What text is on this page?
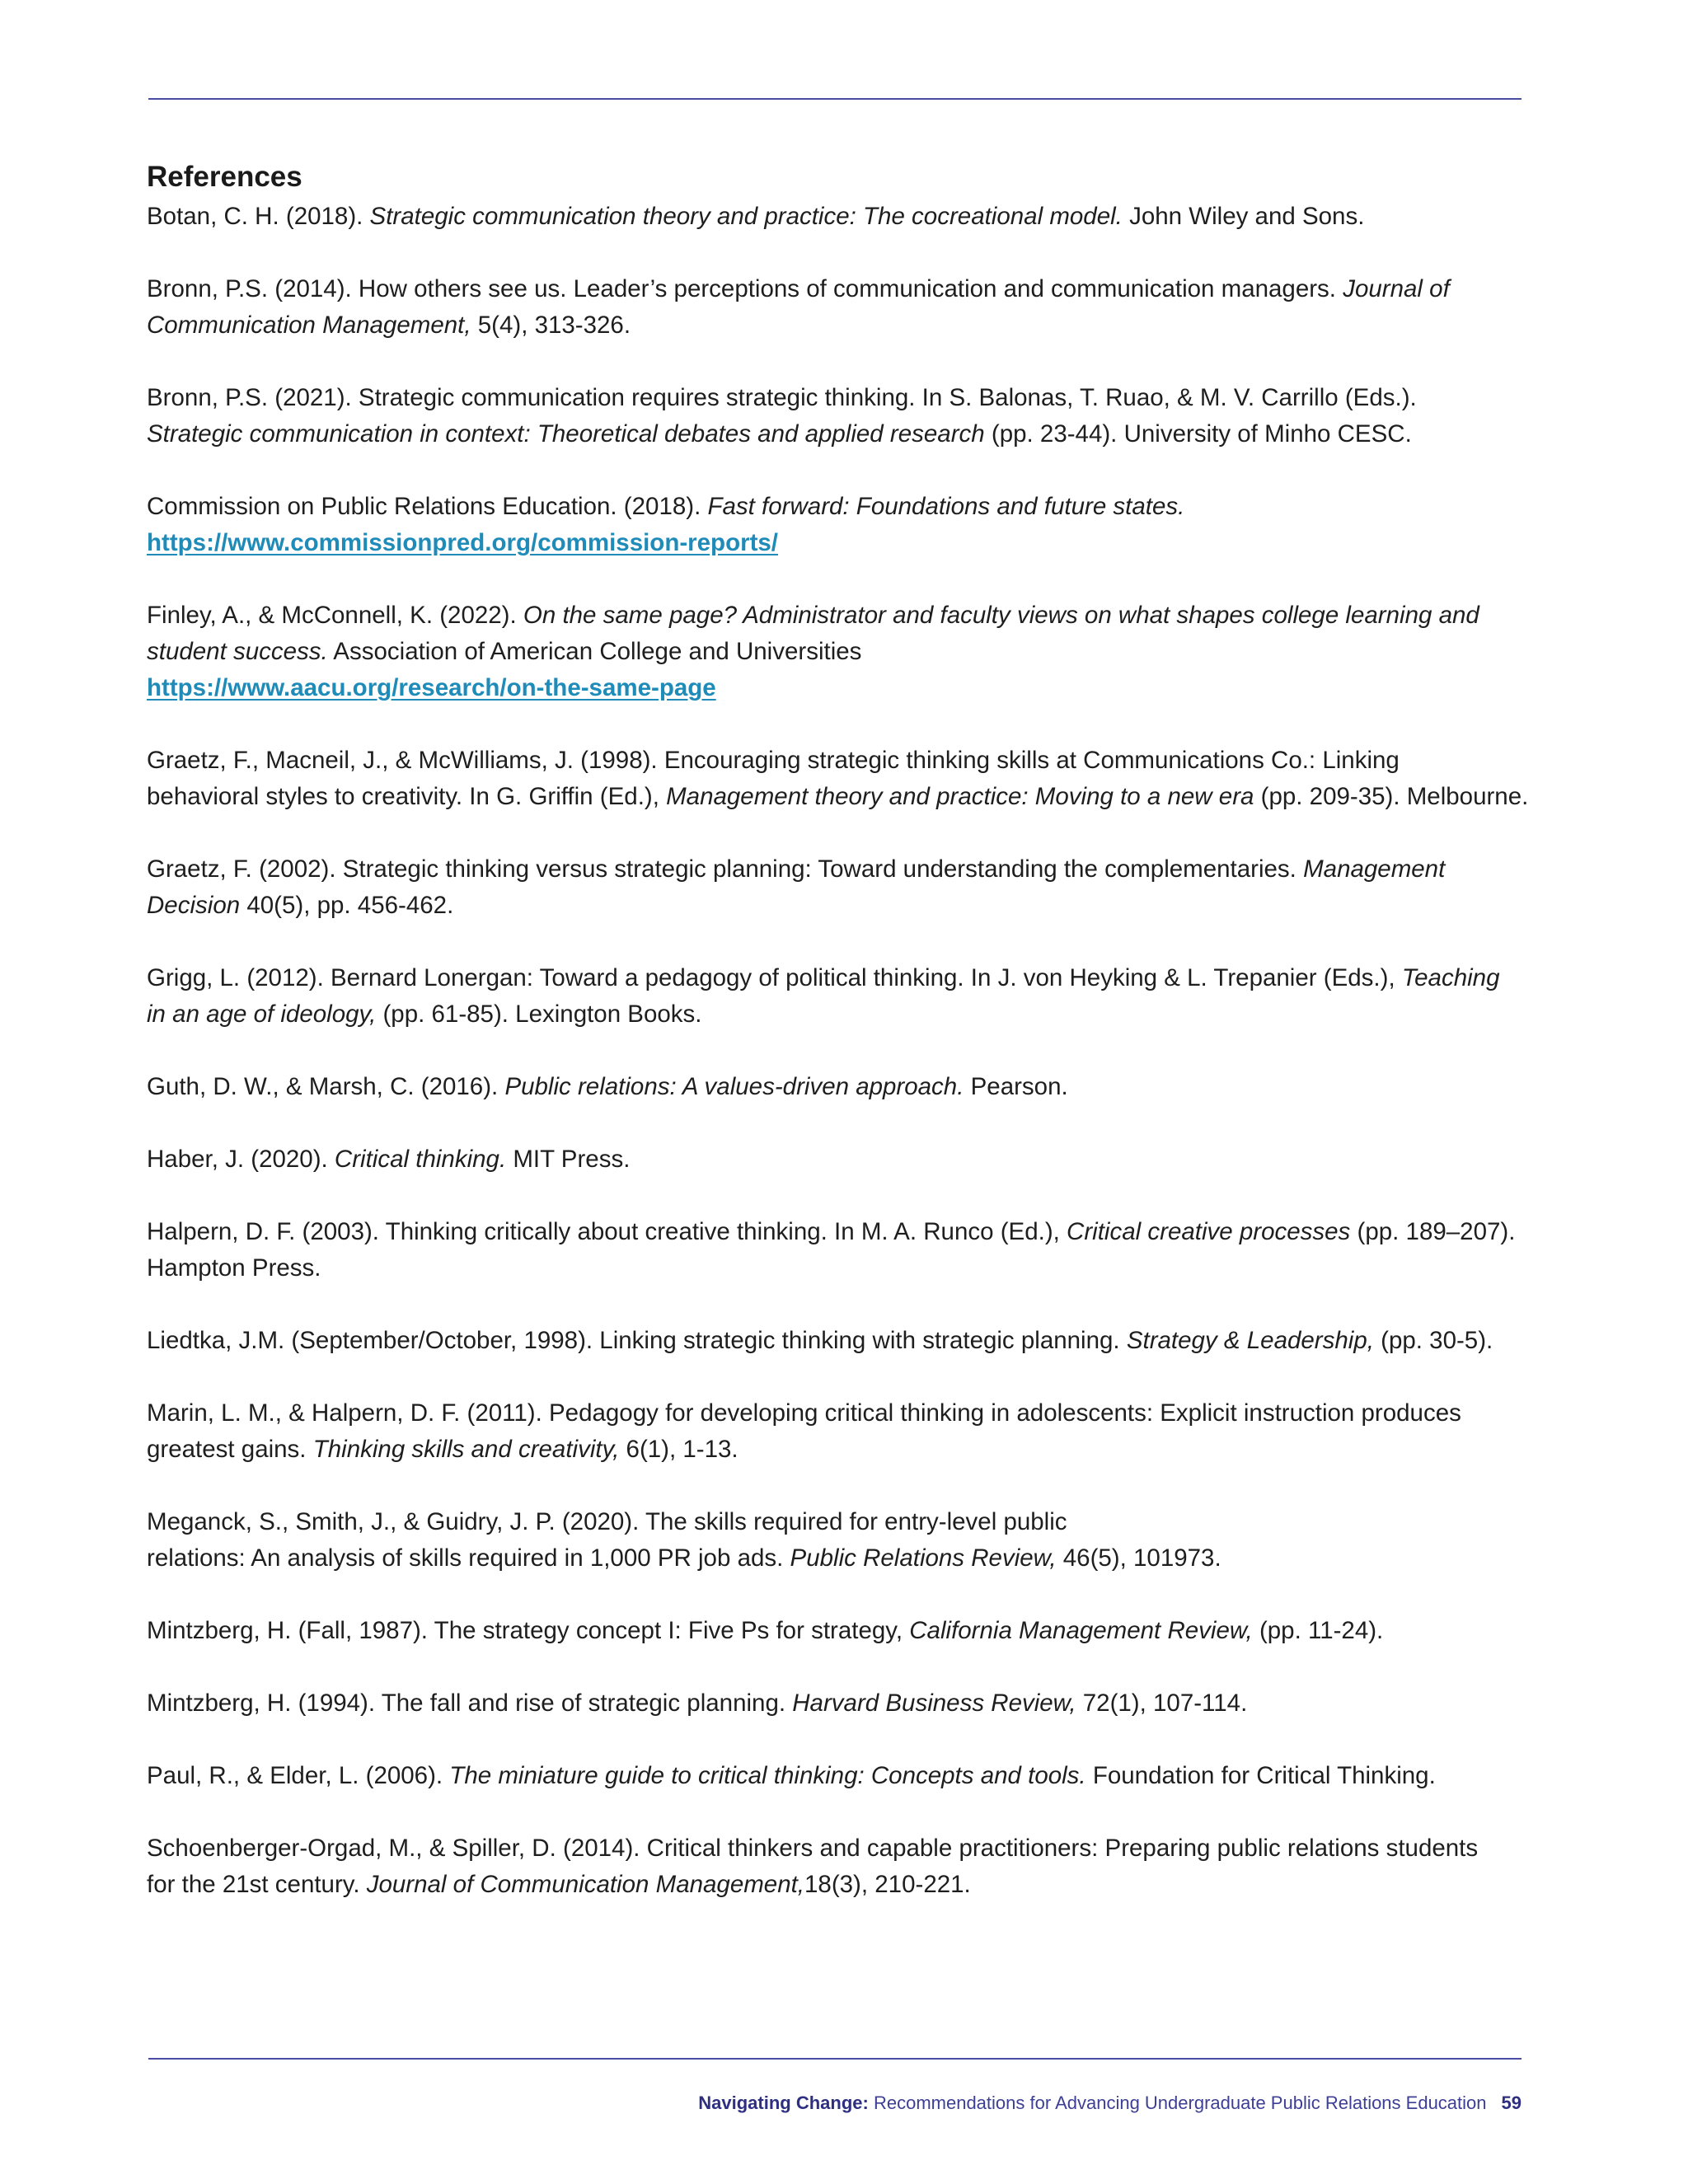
References
Botan, C. H. (2018). Strategic communication theory and practice: The cocreational model. John Wiley and Sons.
Bronn, P.S. (2014). How others see us. Leader’s perceptions of communication and communication managers. Journal of
Communication Management, 5(4), 313-326.
Bronn, P.S. (2021). Strategic communication requires strategic thinking. In S. Balonas, T. Ruao, & M. V. Carrillo (Eds.).
Strategic communication in context: Theoretical debates and applied research (pp. 23-44). University of Minho CESC.
Commission on Public Relations Education. (2018). Fast forward: Foundations and future states.
https://www.commissionpred.org/commission-reports/
Finley, A., & McConnell, K. (2022). On the same page? Administrator and faculty views on what shapes college learning and
student success. Association of American College and Universities
https://www.aacu.org/research/on-the-same-page
Graetz, F., Macneil, J., & McWilliams, J. (1998). Encouraging strategic thinking skills at Communications Co.: Linking
behavioral styles to creativity. In G. Griffin (Ed.), Management theory and practice: Moving to a new era (pp. 209-35). Melbourne.
Graetz, F. (2002). Strategic thinking versus strategic planning: Toward understanding the complementaries. Management
Decision 40(5), pp. 456-462.
Grigg, L. (2012). Bernard Lonergan: Toward a pedagogy of political thinking. In J. von Heyking & L. Trepanier (Eds.), Teaching
in an age of ideology, (pp. 61-85). Lexington Books.
Guth, D. W., & Marsh, C. (2016). Public relations: A values-driven approach. Pearson.
Haber, J. (2020). Critical thinking. MIT Press.
Halpern, D. F. (2003). Thinking critically about creative thinking. In M. A. Runco (Ed.), Critical creative processes (pp. 189–207).
Hampton Press.
Liedtka, J.M. (September/October, 1998). Linking strategic thinking with strategic planning. Strategy & Leadership, (pp. 30-5).
Marin, L. M., & Halpern, D. F. (2011). Pedagogy for developing critical thinking in adolescents: Explicit instruction produces
greatest gains. Thinking skills and creativity, 6(1), 1-13.
Meganck, S., Smith, J., & Guidry, J. P. (2020). The skills required for entry-level public
relations: An analysis of skills required in 1,000 PR job ads. Public Relations Review, 46(5), 101973.
Mintzberg, H. (Fall, 1987). The strategy concept I: Five Ps for strategy, California Management Review, (pp. 11-24).
Mintzberg, H. (1994). The fall and rise of strategic planning. Harvard Business Review, 72(1), 107-114.
Paul, R., & Elder, L. (2006). The miniature guide to critical thinking: Concepts and tools. Foundation for Critical Thinking.
Schoenberger-Orgad, M., & Spiller, D. (2014). Critical thinkers and capable practitioners: Preparing public relations students
for the 21st century. Journal of Communication Management,18(3), 210-221.
Navigating Change: Recommendations for Advancing Undergraduate Public Relations Education 59
